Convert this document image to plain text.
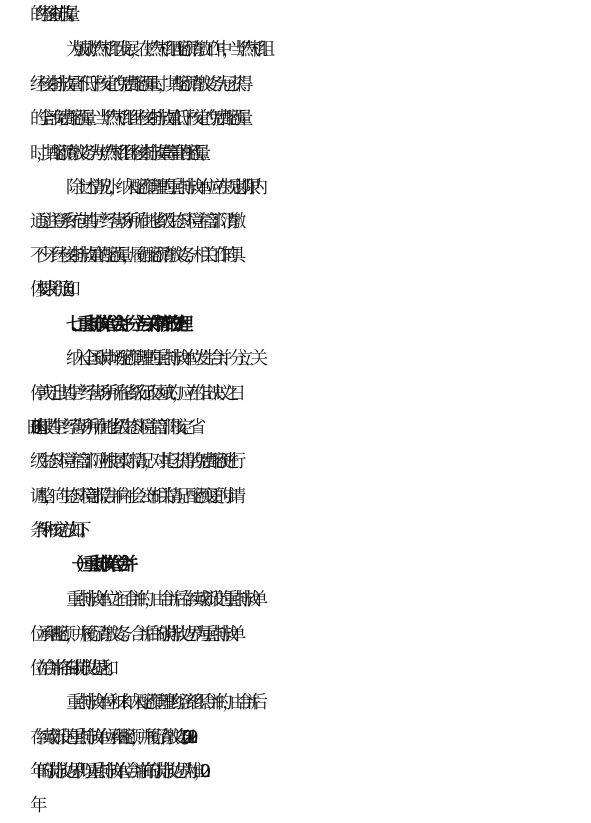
的经核查排放量。
为鼓励燃气机组发展，在燃气机组配额清缴工作中，当燃气机组
经核查排放量不低于核定的免费配额量时，其配额清缴义务为已获得
的全部免费配额量；当燃气机组经核查排放量低于核定的免费配额量
时，其配额清缴义务为与燃气机组经核查排放量等量的配额量。
除上述情况外，纳入配额管理的重点排放单位应在规定期限内
通过注登系统向其生产经营场所所在地省级生态环境主管部门清缴
不少于经核查排放量的配额量，履行配额清缴义务，相关工作的具
体要求另行通知。
七、重点排放单位合并、分立与关停情况的处理
纳入全国碳市场配额管理的重点排放单位发生合并、分立、关
停或迁出其生产经营场所所在省级行政区域的，应在作出决议之日
起 30 日内报其生产经营场所所在地省级生态环境主管部门核定。省
级生态环境主管部门应根据实际情况，对其已获得的免费配额进行
调整，向生态环境部报告并向社会公布相关情况。配额变更的申请
条件和核定方法如下。
（一）重点排放单位合并
重点排放单位之间合并的，由合并后存续或新设的重点排放单
位承继配额，并履行清缴义务。合并后的碳排放边界为重点排放单
位在合并前各自碳排放边界之和。
重点排放单位和未纳入配额管理的经济组织合并的，由合并后
存续或新设的重点排放单位承继配额，并履行清缴义务。2019-2020
年的碳排放边界仍以重点排放单位合并前的碳排放边界为准，2020
年
